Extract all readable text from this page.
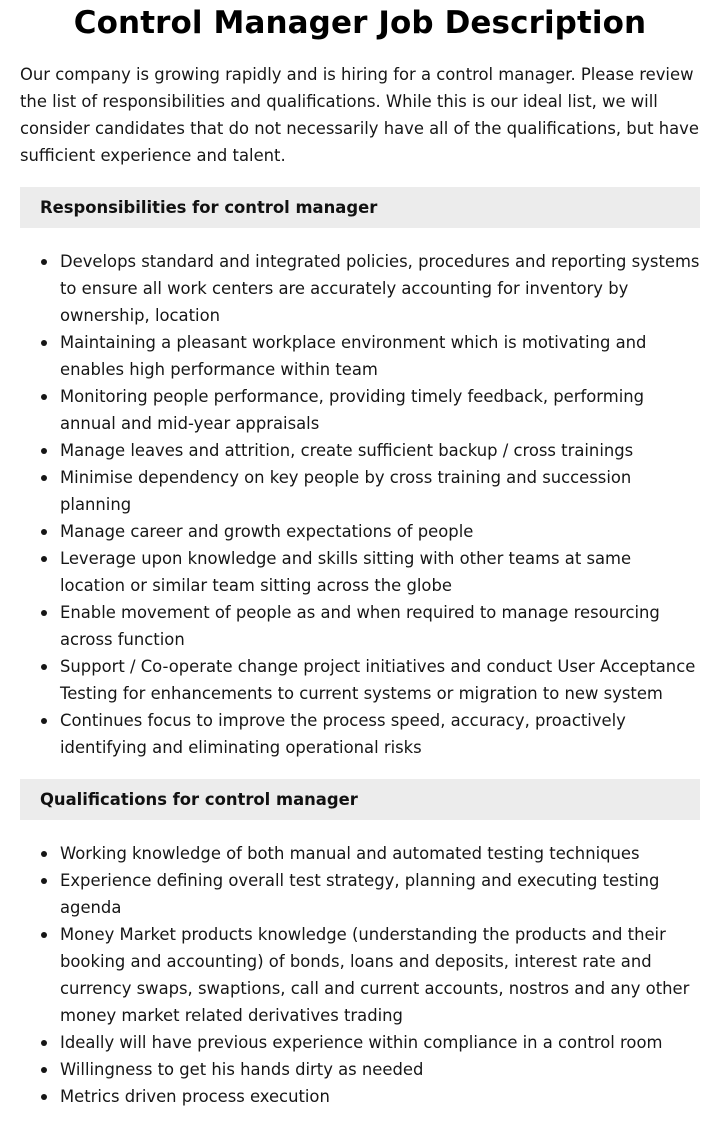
Control Manager Job Description

Our company is growing rapidly and is hiring for a control manager. Please review the list of responsibilities and qualifications. While this is our ideal list, we will consider candidates that do not necessarily have all of the qualifications, but have sufficient experience and talent.

Responsibilities for control manager
Develops standard and integrated policies, procedures and reporting systems to ensure all work centers are accurately accounting for inventory by ownership, location
Maintaining a pleasant workplace environment which is motivating and enables high performance within team
Monitoring people performance, providing timely feedback, performing annual and mid-year appraisals
Manage leaves and attrition, create sufficient backup / cross trainings
Minimise dependency on key people by cross training and succession planning
Manage career and growth expectations of people
Leverage upon knowledge and skills sitting with other teams at same location or similar team sitting across the globe
Enable movement of people as and when required to manage resourcing across function
Support / Co-operate change project initiatives and conduct User Acceptance Testing for enhancements to current systems or migration to new system
Continues focus to improve the process speed, accuracy, proactively identifying and eliminating operational risks
Qualifications for control manager
Working knowledge of both manual and automated testing techniques
Experience defining overall test strategy, planning and executing testing agenda
Money Market products knowledge (understanding the products and their booking and accounting) of bonds, loans and deposits, interest rate and currency swaps, swaptions, call and current accounts, nostros and any other money market related derivatives trading
Ideally will have previous experience within compliance in a control room
Willingness to get his hands dirty as needed
Metrics driven process execution
